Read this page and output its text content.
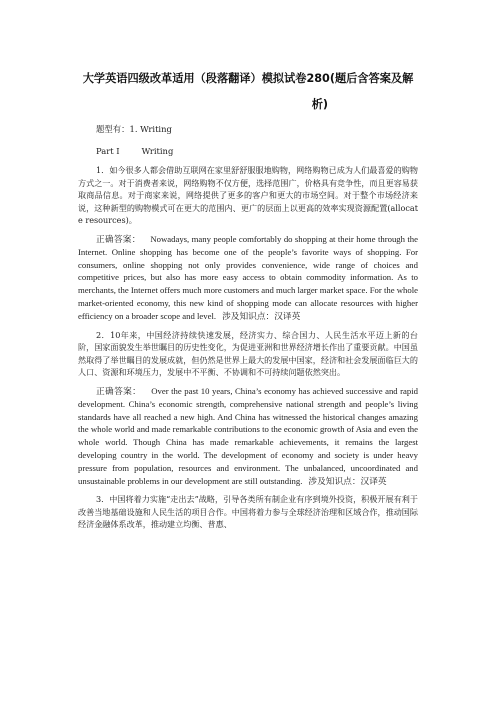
大学英语四级改革适用（段落翻译）模拟试卷280(题后含答案及解
析)

题型有：1. Writing

Part I	Writing

1．如今很多人都会借助互联网在家里舒舒服服地购物，网络购物已成为人们最喜爱的购物方式之一。对于消费者来说，网络购物不仅方便，选择范围广，价格具有竞争性，而且更容易获取商品信息。对于商家来说，网络提供了更多的客户和更大的市场空间。对于整个市场经济来说，这种新型的购物模式可在更大的范围内、更广的层面上以更高的效率实现资源配置(allocate resources)。

正确答案： Nowadays, many people comfortably do shopping at their home through the Internet. Online shopping has become one of the people’s favorite ways of shopping. For consumers, online shopping not only provides convenience, wide range of choices and competitive prices, but also has more easy access to obtain commodity information. As to merchants, the Internet offers much more customers and much larger market space. For the whole market-oriented economy, this new kind of shopping mode can allocate resources with higher efficiency on a broader scope and level. 涉及知识点：汉译英

2．10年来，中国经济持续快速发展，经济实力、综合国力、人民生活水平迈上新的台阶，国家面貌发生举世瞩目的历史性变化，为促进亚洲和世界经济增长作出了重要贡献。中国虽然取得了举世瞩目的发展成就，但仍然是世界上最大的发展中国家，经济和社会发展面临巨大的人口、资源和环境压力，发展中不平衡、不协调和不可持续问题依然突出。

正确答案： Over the past 10 years, China’s economy has achieved successive and rapid development. China’s economic strength, comprehensive national strength and people’s living standards have all reached a new high. And China has witnessed the historical changes amazing the whole world and made remarkable contributions to the economic growth of Asia and even the whole world. Though China has made remarkable achievements, it remains the largest developing country in the world. The development of economy and society is under heavy pressure from population, resources and environment. The unbalanced, uncoordinated and unsustainable problems in our development are still outstanding. 涉及知识点：汉译英

3．中国将着力实施“走出去”战略，引导各类所有制企业有序到境外投资，积极开展有利于改善当地基础设施和人民生活的项目合作。中国将着力参与全球经济治理和区域合作，推动国际经济金融体系改革，推动建立均衡、普惠、
